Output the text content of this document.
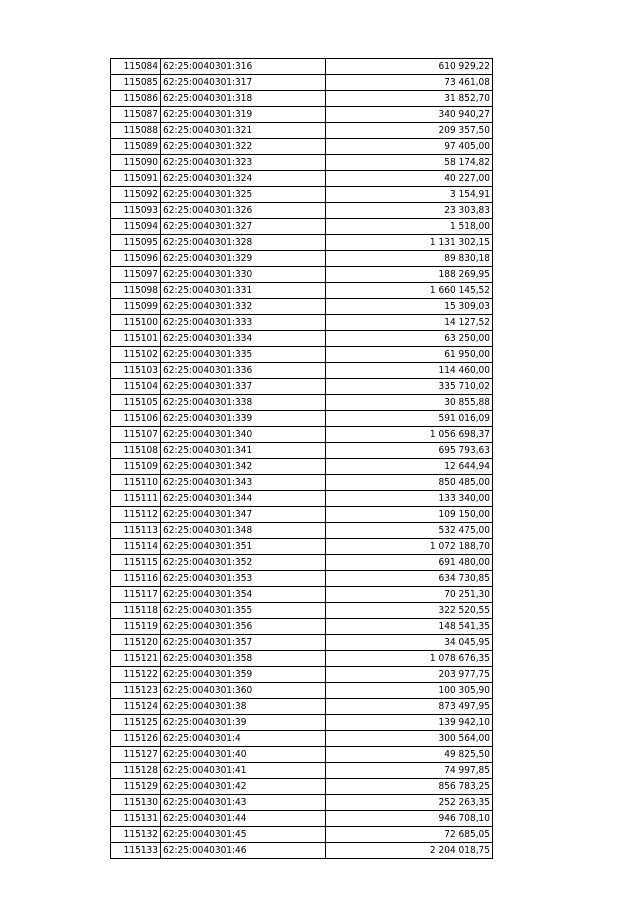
115084	62:25:0040301:316	610 929,22
115085	62:25:0040301:317	73 461,08
115086	62:25:0040301:318	31 852,70
115087	62:25:0040301:319	340 940,27
115088	62:25:0040301:321	209 357,50
115089	62:25:0040301:322	97 405,00
115090	62:25:0040301:323	58 174,82
115091	62:25:0040301:324	40 227,00
115092	62:25:0040301:325	3 154,91
115093	62:25:0040301:326	23 303,83
115094	62:25:0040301:327	1 518,00
115095	62:25:0040301:328	1 131 302,15
115096	62:25:0040301:329	89 830,18
115097	62:25:0040301:330	188 269,95
115098	62:25:0040301:331	1 660 145,52
115099	62:25:0040301:332	15 309,03
115100	62:25:0040301:333	14 127,52
115101	62:25:0040301:334	63 250,00
115102	62:25:0040301:335	61 950,00
115103	62:25:0040301:336	114 460,00
115104	62:25:0040301:337	335 710,02
115105	62:25:0040301:338	30 855,88
115106	62:25:0040301:339	591 016,09
115107	62:25:0040301:340	1 056 698,37
115108	62:25:0040301:341	695 793,63
115109	62:25:0040301:342	12 644,94
115110	62:25:0040301:343	850 485,00
115111	62:25:0040301:344	133 340,00
115112	62:25:0040301:347	109 150,00
115113	62:25:0040301:348	532 475,00
115114	62:25:0040301:351	1 072 188,70
115115	62:25:0040301:352	691 480,00
115116	62:25:0040301:353	634 730,85
115117	62:25:0040301:354	70 251,30
115118	62:25:0040301:355	322 520,55
115119	62:25:0040301:356	148 541,35
115120	62:25:0040301:357	34 045,95
115121	62:25:0040301:358	1 078 676,35
115122	62:25:0040301:359	203 977,75
115123	62:25:0040301:360	100 305,90
115124	62:25:0040301:38	873 497,95
115125	62:25:0040301:39	139 942,10
115126	62:25:0040301:4	300 564,00
115127	62:25:0040301:40	49 825,50
115128	62:25:0040301:41	74 997,85
115129	62:25:0040301:42	856 783,25
115130	62:25:0040301:43	252 263,35
115131	62:25:0040301:44	946 708,10
115132	62:25:0040301:45	72 685,05
115133	62:25:0040301:46	2 204 018,75
